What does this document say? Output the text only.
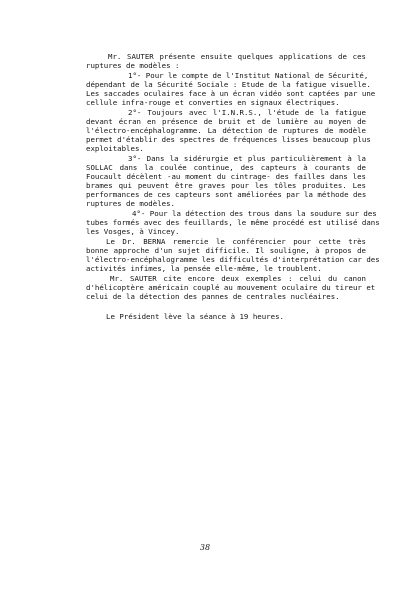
Mr. SAUTER présente ensuite quelques applications de ces

ruptures de modèles :

1°- Pour le compte de l'Institut National de Sécurité,

dépendant de la Sécurité Sociale : Etude de la fatigue visuelle.

Les saccades oculaires face à un écran vidéo sont captées par une

cellule infra-rouge et converties en signaux électriques.

2°- Toujours avec l'I.N.R.S., l'étude de la fatigue

devant écran en présence de bruit et de lumière au moyen de

l'électro-encéphalogramme. La détection de ruptures de modèle

permet d'établir des spectres de fréquences lisses beaucoup plus

exploitables.

3°- Dans la sidérurgie et plus particulièrement à la

SOLLAC dans la coulée continue, des capteurs à courants de

Foucault décèlent -au moment du cintrage- des failles dans les

brames qui peuvent être graves pour les tôles produites. Les

performances de ces capteurs sont améliorées par la méthode des

ruptures de modèles.

4°- Pour la détection des trous dans la soudure sur des

tubes formés avec des feuillards, le même procédé est utilisé dans

les Vosges, à Vincey.

Le Dr. BERNA remercie le conférencier pour cette très

bonne approche d'un sujet difficile. Il souligne, à propos de

l'électro-encéphalogramme les difficultés d'interprétation car des

activités infimes, la pensée elle-même, le troublent.

Mr. SAUTER cite encore deux exemples : celui du canon

d'hélicoptère américain couplé au mouvement oculaire du tireur et

celui de la détection des pannes de centrales nucléaires.

Le Président lève la séance à 19 heures.

38
